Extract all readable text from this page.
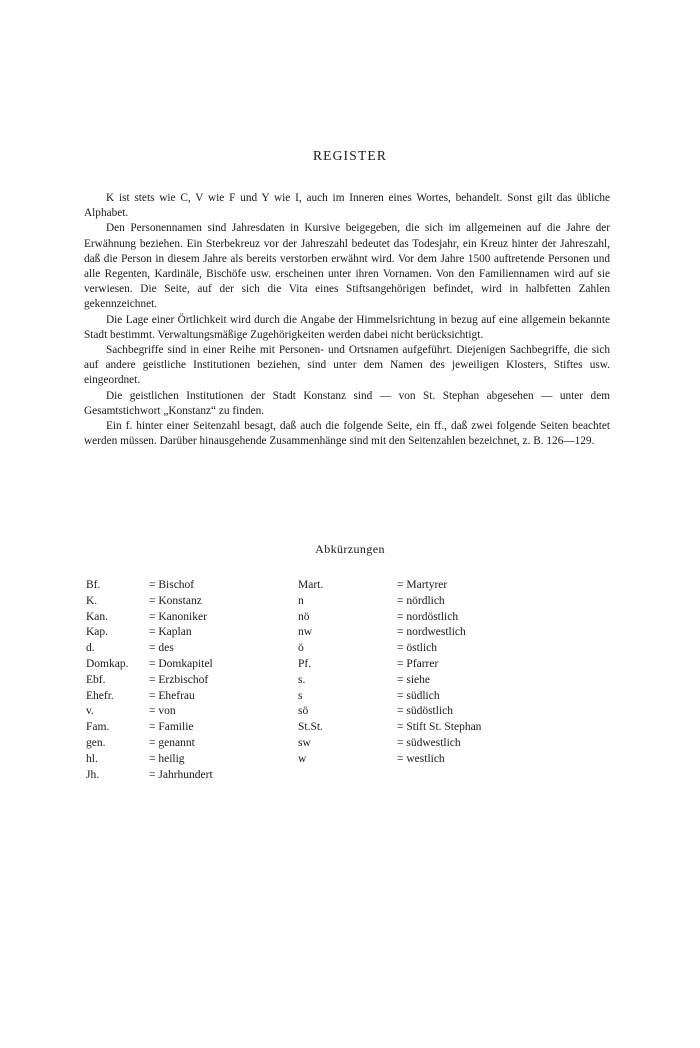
REGISTER

K ist stets wie C, V wie F und Y wie I, auch im Inneren eines Wortes, behandelt. Sonst gilt das übliche Alphabet.

Den Personennamen sind Jahresdaten in Kursive beigegeben, die sich im allgemeinen auf die Jahre der Erwähnung beziehen. Ein Sterbekreuz vor der Jahreszahl bedeutet das Todesjahr, ein Kreuz hinter der Jahreszahl, daß die Person in diesem Jahre als bereits verstorben erwähnt wird. Vor dem Jahre 1500 auftretende Personen und alle Regenten, Kardinäle, Bischöfe usw. erscheinen unter ihren Vornamen. Von den Familiennamen wird auf sie verwiesen. Die Seite, auf der sich die Vita eines Stiftsangehörigen befindet, wird in halbfetten Zahlen gekennzeichnet.

Die Lage einer Örtlichkeit wird durch die Angabe der Himmelsrichtung in bezug auf eine allgemein bekannte Stadt bestimmt. Verwaltungsmäßige Zugehörigkeiten werden dabei nicht berücksichtigt.

Sachbegriffe sind in einer Reihe mit Personen- und Ortsnamen aufgeführt. Diejenigen Sachbegriffe, die sich auf andere geistliche Institutionen beziehen, sind unter dem Namen des jeweiligen Klosters, Stiftes usw. eingeordnet.

Die geistlichen Institutionen der Stadt Konstanz sind — von St. Stephan abgesehen — unter dem Gesamtstichwort „Konstanz“ zu finden.

Ein f. hinter einer Seitenzahl besagt, daß auch die folgende Seite, ein ff., daß zwei folgende Seiten beachtet werden müssen. Darüber hinausgehende Zusammenhänge sind mit den Seitenzahlen bezeichnet, z. B. 126—129.

Abkürzungen
Bf.	= Bischof	Mart.	= Martyrer
K.	= Konstanz	n	= nördlich
Kan.	= Kanoniker	nö	= nordöstlich
Kap.	= Kaplan	nw	= nordwestlich
d.	= des	ö	= östlich
Domkap. = Domkapitel	Pf.	= Pfarrer
Ebf.	= Erzbischof	s.	= siehe
Ehefr.	= Ehefrau	s	= südlich
v.	= von	sö	= südöstlich
Fam.	= Familie	St.St.	= Stift St. Stephan
gen.	= genannt	sw	= südwestlich
hl.	= heilig	w	= westlich
Jh.	= Jahrhundert
